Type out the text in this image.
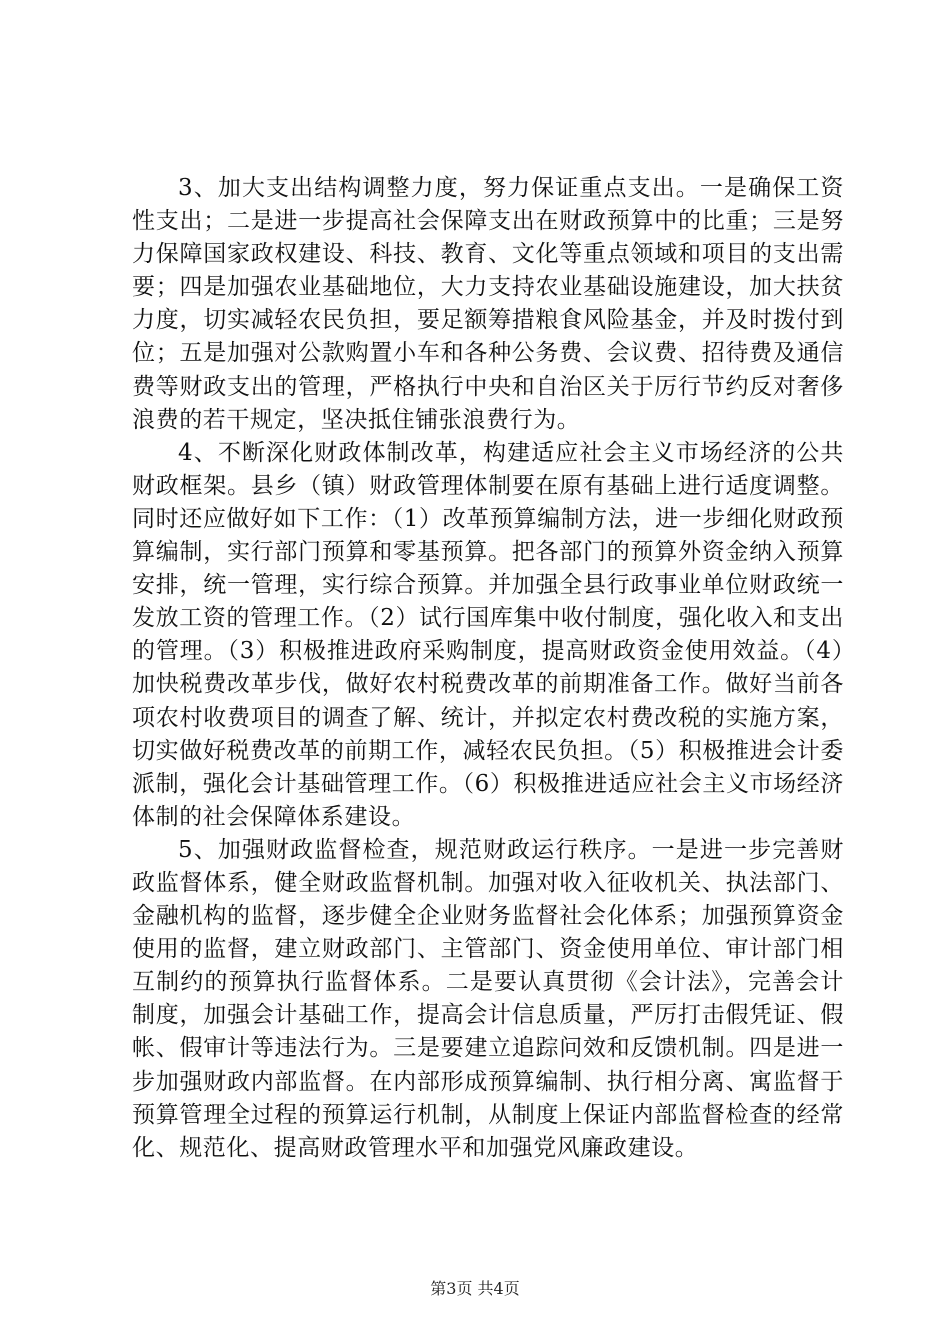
3、加大支出结构调整力度，努力保证重点支出。一是确保工资性支出；二是进一步提高社会保障支出在财政预算中的比重；三是努力保障国家政权建设、科技、教育、文化等重点领域和项目的支出需要；四是加强农业基础地位，大力支持农业基础设施建设，加大扶贫力度，切实减轻农民负担，要足额筹措粮食风险基金，并及时拨付到位；五是加强对公款购置小车和各种公务费、会议费、招待费及通信费等财政支出的管理，严格执行中央和自治区关于厉行节约反对奢侈浪费的若干规定，坚决抵住铺张浪费行为。

4、不断深化财政体制改革，构建适应社会主义市场经济的公共财政框架。县乡（镇）财政管理体制要在原有基础上进行适度调整。同时还应做好如下工作：（1）改革预算编制方法，进一步细化财政预算编制，实行部门预算和零基预算。把各部门的预算外资金纳入预算安排，统一管理，实行综合预算。并加强全县行政事业单位财政统一发放工资的管理工作。（2）试行国库集中收付制度，强化收入和支出的管理。（3）积极推进政府采购制度，提高财政资金使用效益。（4）加快税费改革步伐，做好农村税费改革的前期准备工作。做好当前各项农村收费项目的调查了解、统计，并拟定农村费改税的实施方案，切实做好税费改革的前期工作，减轻农民负担。（5）积极推进会计委派制，强化会计基础管理工作。（6）积极推进适应社会主义市场经济体制的社会保障体系建设。

5、加强财政监督检查，规范财政运行秩序。一是进一步完善财政监督体系，健全财政监督机制。加强对收入征收机关、执法部门、金融机构的监督，逐步健全企业财务监督社会化体系；加强预算资金使用的监督，建立财政部门、主管部门、资金使用单位、审计部门相互制约的预算执行监督体系。二是要认真贯彻《会计法》，完善会计制度，加强会计基础工作，提高会计信息质量，严厉打击假凭证、假帐、假审计等违法行为。三是要建立追踪问效和反馈机制。四是进一步加强财政内部监督。在内部形成预算编制、执行相分离、寓监督于预算管理全过程的预算运行机制，从制度上保证内部监督检查的经常化、规范化、提高财政管理水平和加强党风廉政建设。

第3页 共4页
